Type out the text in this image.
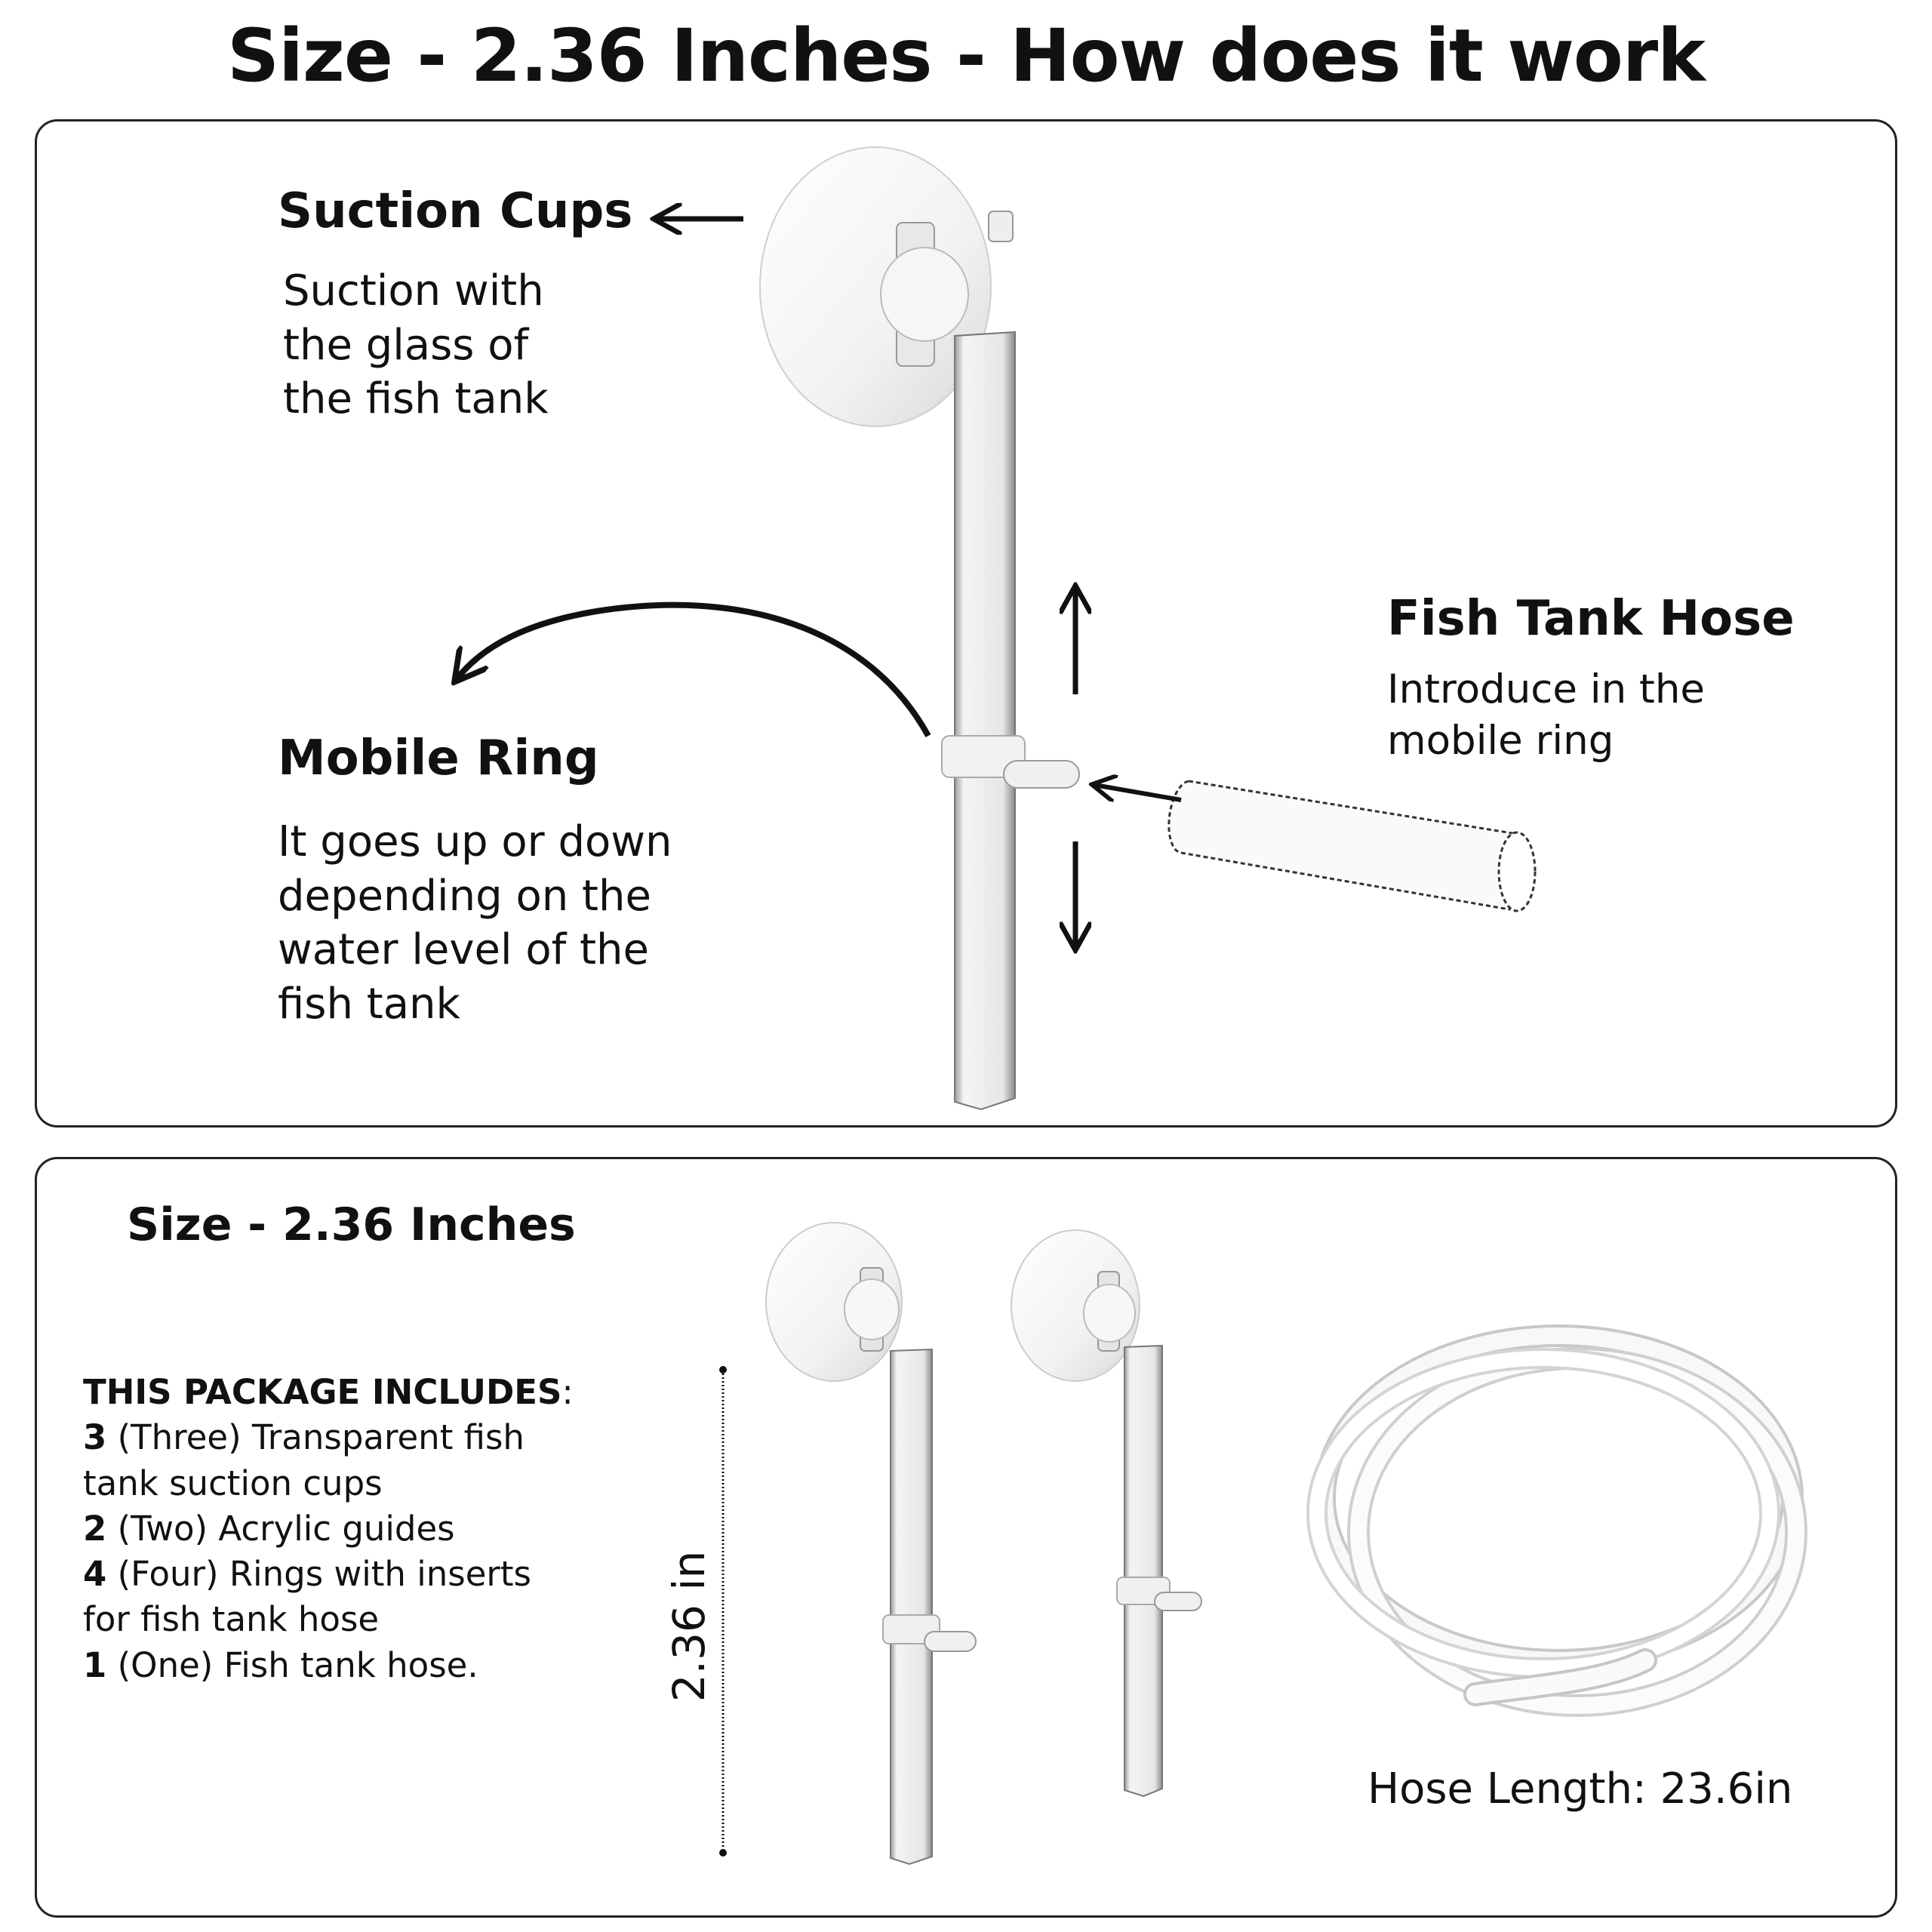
Size - 2.36 Inches - How does it work
Suction Cups
Suction with
the glass of
the fish tank
Mobile Ring
It goes up or down
depending on the
water level of the
fish tank
Fish Tank Hose
Introduce in the
mobile ring
Size - 2.36 Inches
THIS PACKAGE INCLUDES:
3 (Three) Transparent fish
tank suction cups
2 (Two) Acrylic guides
4 (Four) Rings with inserts
for fish tank hose
1 (One) Fish tank hose.	2.36 in
Hose Length: 23.6in
